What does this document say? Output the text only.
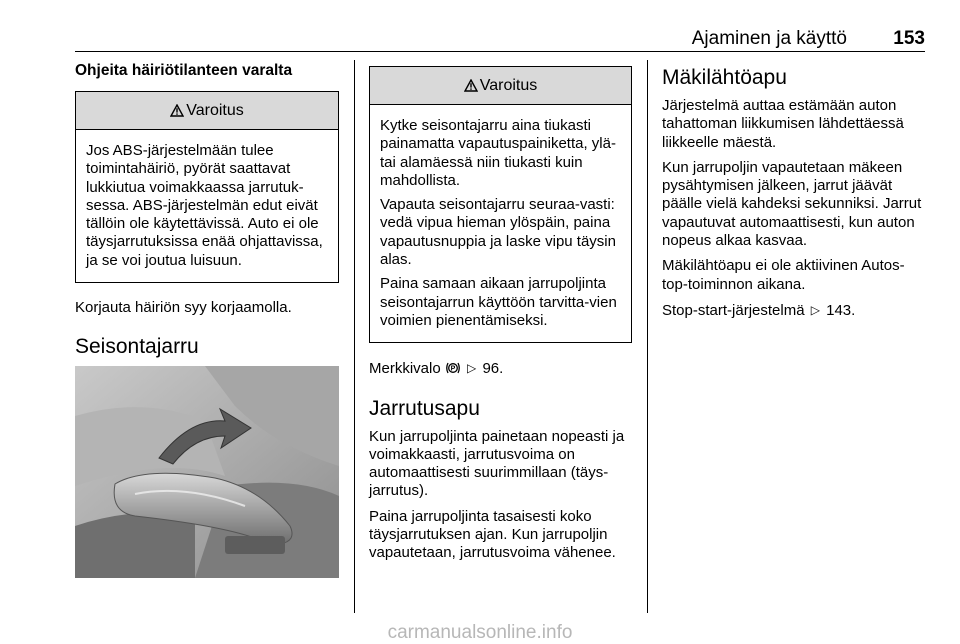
Ajaminen ja käyttö 153
Ohjeita häiriötilanteen varalta
Varoitus

Jos ABS-järjestelmään tulee toimintahäiriö, pyörät saattavat lukkiutua voimakkaassa jarrutuk-sessa. ABS-järjestelmän edut eivät tällöin ole käytettävissä. Auto ei ole täysjarrutuksissa enää ohjattavissa, ja se voi joutua luisuun.

Korjauta häiriön syy korjaamolla.

Seisontajarru
Varoitus

Kytke seisontajarru aina tiukasti painamatta vapautuspainiketta, ylä- tai alamäessä niin tiukasti kuin mahdollista.

Vapauta seisontajarru seuraa-vasti: vedä vipua hieman ylöspäin, paina vapautusnuppia ja laske vipu täysin alas.

Paina samaan aikaan jarrupoljinta seisontajarrun käyttöön tarvitta-vien voimien pienentämiseksi.

Merkkivalo P ▷ 96.

Jarrutusapu

Kun jarrupoljinta painetaan nopeasti ja voimakkaasti, jarrutusvoima on automaattisesti suurimmillaan (täys-jarrutus).

Paina jarrupoljinta tasaisesti koko täysjarrutuksen ajan. Kun jarrupoljin vapautetaan, jarrutusvoima vähenee.

Mäkilähtöapu

Järjestelmä auttaa estämään auton tahattoman liikkumisen lähdettäessä liikkeelle mäestä.

Kun jarrupoljin vapautetaan mäkeen pysähtymisen jälkeen, jarrut jäävät päälle vielä kahdeksi sekunniksi. Jarrut vapautuvat automaattisesti, kun auton nopeus alkaa kasvaa.

Mäkilähtöapu ei ole aktiivinen Autos-top-toiminnon aikana.

Stop-start-järjestelmä ▷ 143.

carmanualsonline.info
